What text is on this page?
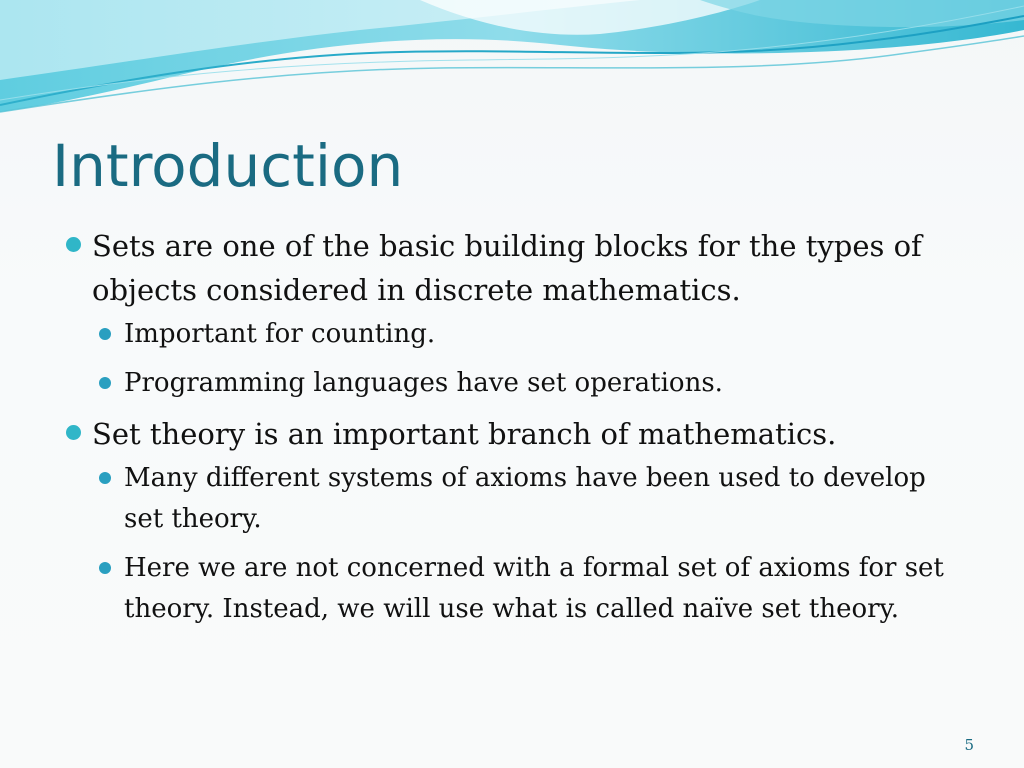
Introduction
Sets are one of the basic building blocks for the types of objects considered in discrete mathematics.
Important for counting.
Programming languages have set operations.
Set theory is an important branch of mathematics.
Many different systems of axioms have been used to develop set theory.
Here we are not concerned with a formal set of axioms for set theory. Instead, we will use what is called naïve set theory.
5
